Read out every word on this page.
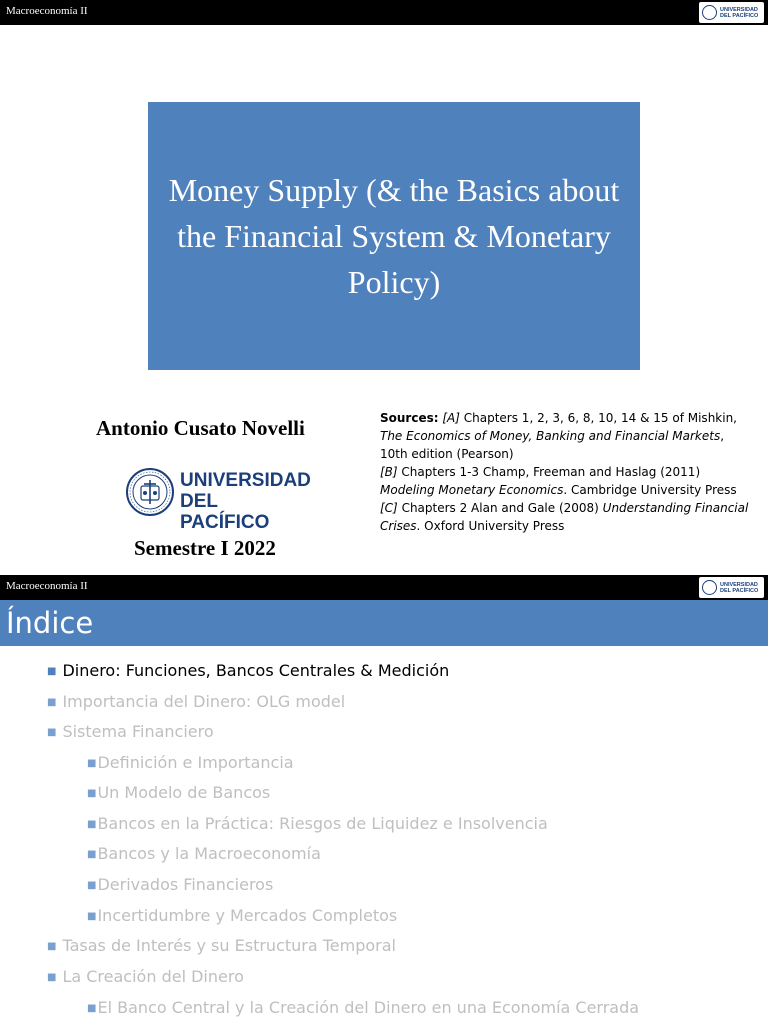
Macroeconomía II	UNIVERSIDAD
DEL PACÍFICO
Money Supply (& the Basics about the Financial System & Monetary Policy)
Antonio Cusato Novelli
UNIVERSIDAD
DEL PACÍFICO
Semestre I 2022
Sources: [A] Chapters 1, 2, 3, 6, 8, 10, 14 & 15 of Mishkin,
The Economics of Money, Banking and Financial Markets,
10th edition (Pearson)
[B] Chapters 1-3 Champ, Freeman and Haslag (2011)
Modeling Monetary Economics. Cambridge University Press
[C] Chapters 2 Alan and Gale (2008) Understanding Financial
Crises. Oxford University Press
Macroeconomía II	UNIVERSIDAD
DEL PACÍFICO
Índice
■ Dinero: Funciones, Bancos Centrales & Medición
■ Importancia del Dinero: OLG model
■ Sistema Financiero
■Definición e Importancia
■Un Modelo de Bancos
■Bancos en la Práctica: Riesgos de Liquidez e Insolvencia
■Bancos y la Macroeconomía
■Derivados Financieros
■Incertidumbre y Mercados Completos
■ Tasas de Interés y su Estructura Temporal
■ La Creación del Dinero
■El Banco Central y la Creación del Dinero en una Economía Cerrada
